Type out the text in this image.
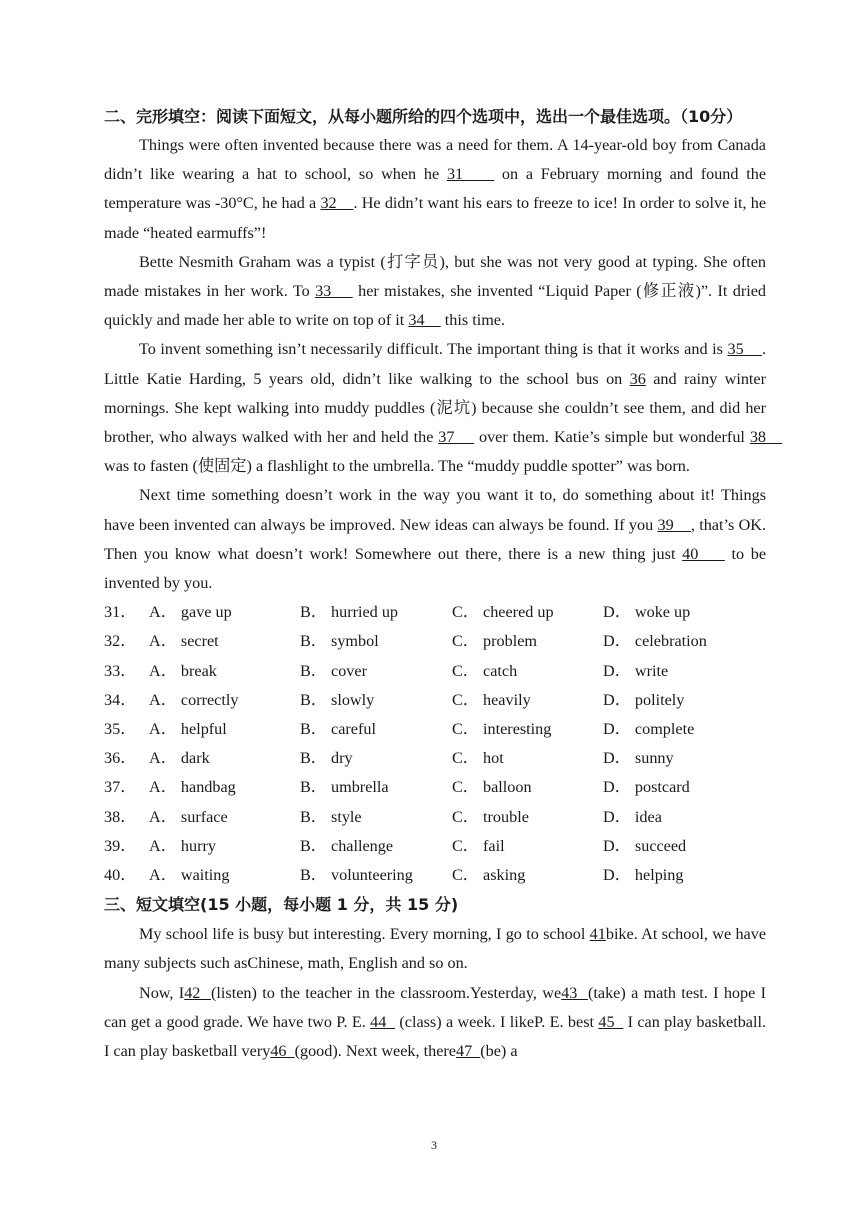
二、完形填空：阅读下面短文，从每小题所给的四个选项中，选出一个最佳选项。（10分）

Things were often invented because there was a need for them. A 14-year-old boy from Canada didn’t like wearing a hat to school, so when he 31     on a February morning and found the temperature was -30°C, he had a 32    . He didn’t want his ears to freeze to ice! In order to solve it, he made “heated earmuffs”!

Bette Nesmith Graham was a typist (打字员), but she was not very good at typing. She often made mistakes in her work. To 33     her mistakes, she invented “Liquid Paper (修正液)”. It dried quickly and made her able to write on top of it 34     this time.

To invent something isn’t necessarily difficult. The important thing is that it works and is 35    . Little Katie Harding, 5 years old, didn’t like walking to the school bus on 36 and rainy winter mornings. She kept walking into muddy puddles (泥坑) because she couldn’t see them, and did her brother, who always walked with her and held the 37     over them. Katie’s simple but wonderful 38     was to fasten (使固定) a flashlight to the umbrella. The “muddy puddle spotter” was born.

Next time something doesn’t work in the way you want it to, do something about it! Things have been invented can always be improved. New ideas can always be found. If you 39    , that’s OK. Then you know what doesn’t work! Somewhere out there, there is a new thing just 40     to be invented by you.

31． A． gave up	B． hurried up	C． cheered up	D． woke up
32． A． secret	B． symbol	C． problem	D． celebration
33． A． break	B． cover	C． catch	D． write
34． A． correctly	B． slowly	C． heavily	D． politely
35． A． helpful	B． careful	C． interesting	D． complete
36． A． dark	B． dry	C． hot	D． sunny
37． A． handbag	B． umbrella	C． balloon	D． postcard
38． A． surface	B． style	C． trouble	D． idea
39． A． hurry	B． challenge	C． fail	D． succeed
40． A． waiting	B． volunteering	C． asking	D． helping

三、短文填空(15 小题，每小题 1 分，共 15 分)

My school life is busy but interesting. Every morning, I go to school 41bike. At school, we have many subjects such asChinese, math, English and so on.

Now, I42  (listen) to the teacher in the classroom.Yesterday, we43  (take) a math test. I hope I can get a good grade. We have two P. E. 44   (class) a week. I likeP. E. best 45   I can play basketball. I can play basketball very46  (good). Next week, there47  (be) a

3
